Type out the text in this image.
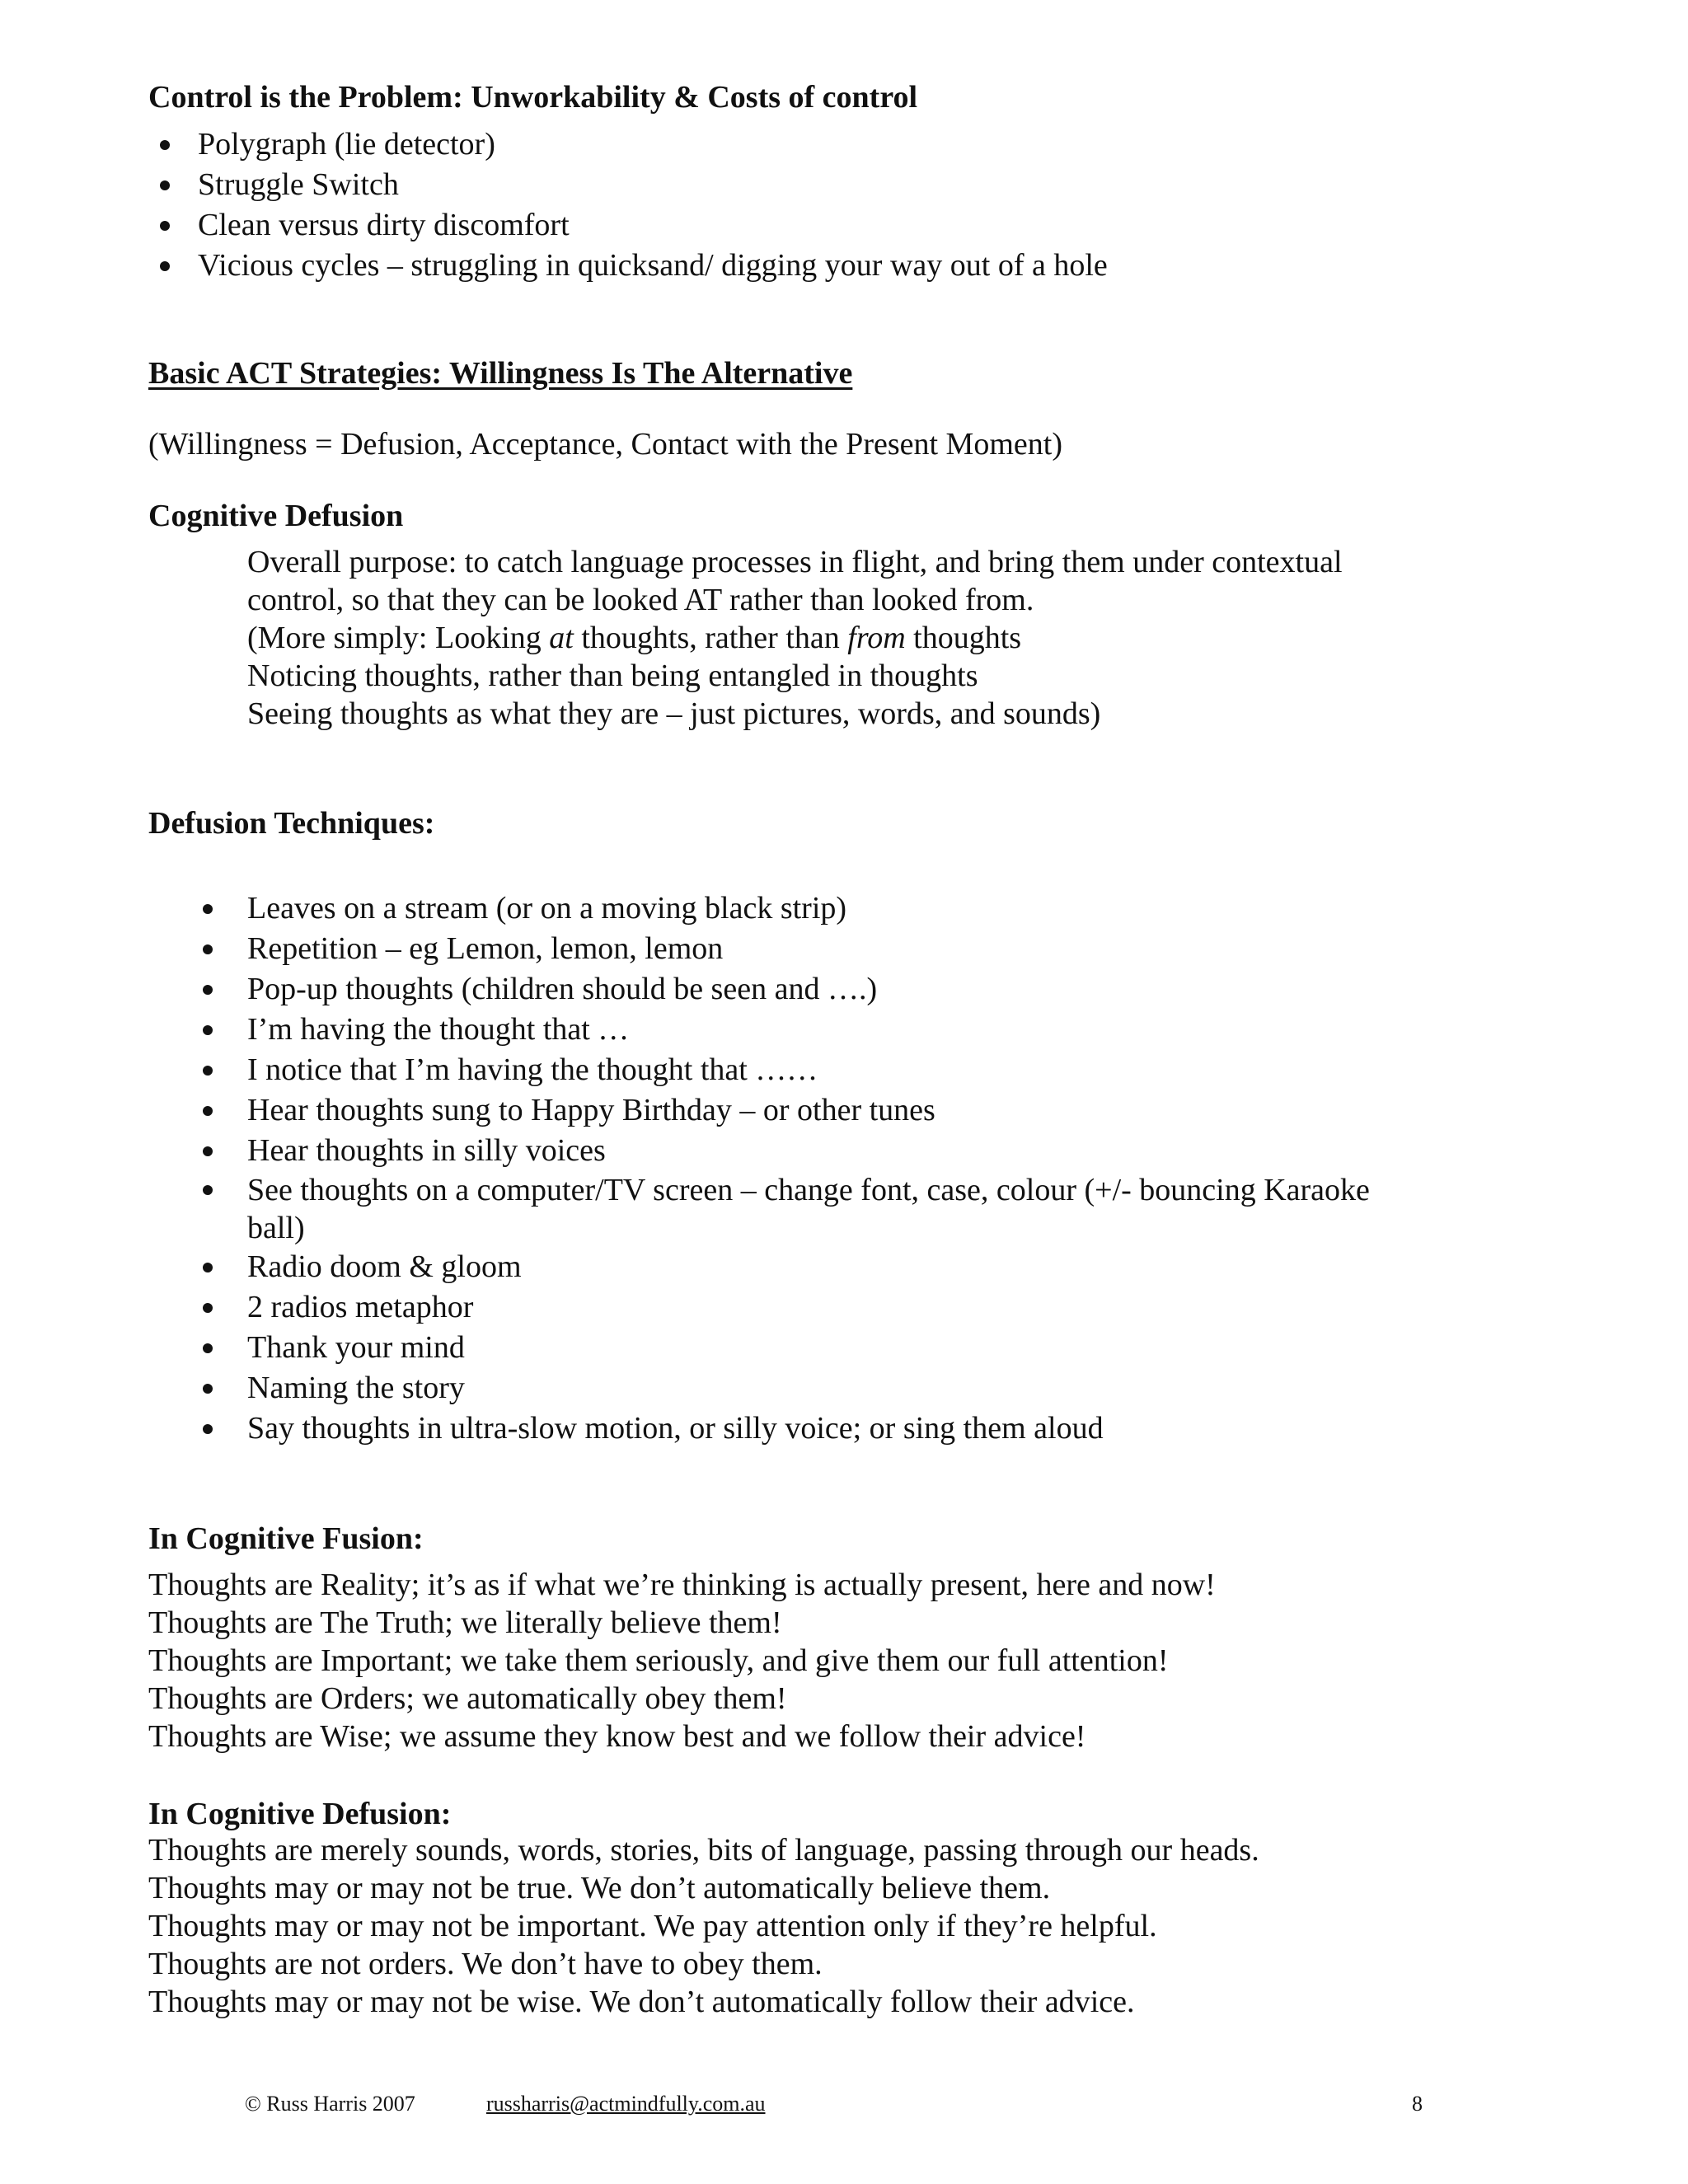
Control is the Problem: Unworkability & Costs of control
Polygraph (lie detector)
Struggle Switch
Clean versus dirty discomfort
Vicious cycles – struggling in quicksand/ digging your way out of a hole
Basic ACT Strategies: Willingness Is The Alternative
(Willingness = Defusion, Acceptance, Contact with the Present Moment)
Cognitive Defusion
Overall purpose: to catch language processes in flight, and bring them under contextual
control, so that they can be looked AT rather than looked from.
(More simply: Looking at thoughts, rather than from thoughts
Noticing thoughts, rather than being entangled in thoughts
Seeing thoughts as what they are – just pictures, words, and sounds)
Defusion Techniques:
Leaves on a stream (or on a moving black strip)
Repetition – eg Lemon, lemon, lemon
Pop-up thoughts (children should be seen and ….)
I’m having the thought that …
I notice that I’m having the thought that ……
Hear thoughts sung to Happy Birthday – or other tunes
Hear thoughts in silly voices
See thoughts on a computer/TV screen – change font, case, colour (+/- bouncing Karaoke
ball)
Radio doom & gloom
2 radios metaphor
Thank your mind
Naming the story
Say thoughts in ultra-slow motion, or silly voice; or sing them aloud
In Cognitive Fusion:
Thoughts are Reality; it’s as if what we’re thinking is actually present, here and now!
Thoughts are The Truth; we literally believe them!
Thoughts are Important; we take them seriously, and give them our full attention!
Thoughts are Orders; we automatically obey them!
Thoughts are Wise; we assume they know best and we follow their advice!
In Cognitive Defusion:
Thoughts are merely sounds, words, stories, bits of language, passing through our heads.
Thoughts may or may not be true. We don’t automatically believe them.
Thoughts may or may not be important. We pay attention only if they’re helpful.
Thoughts are not orders. We don’t have to obey them.
Thoughts may or may not be wise. We don’t automatically follow their advice.
© Russ Harris 2007	russharris@actmindfully.com.au	8
